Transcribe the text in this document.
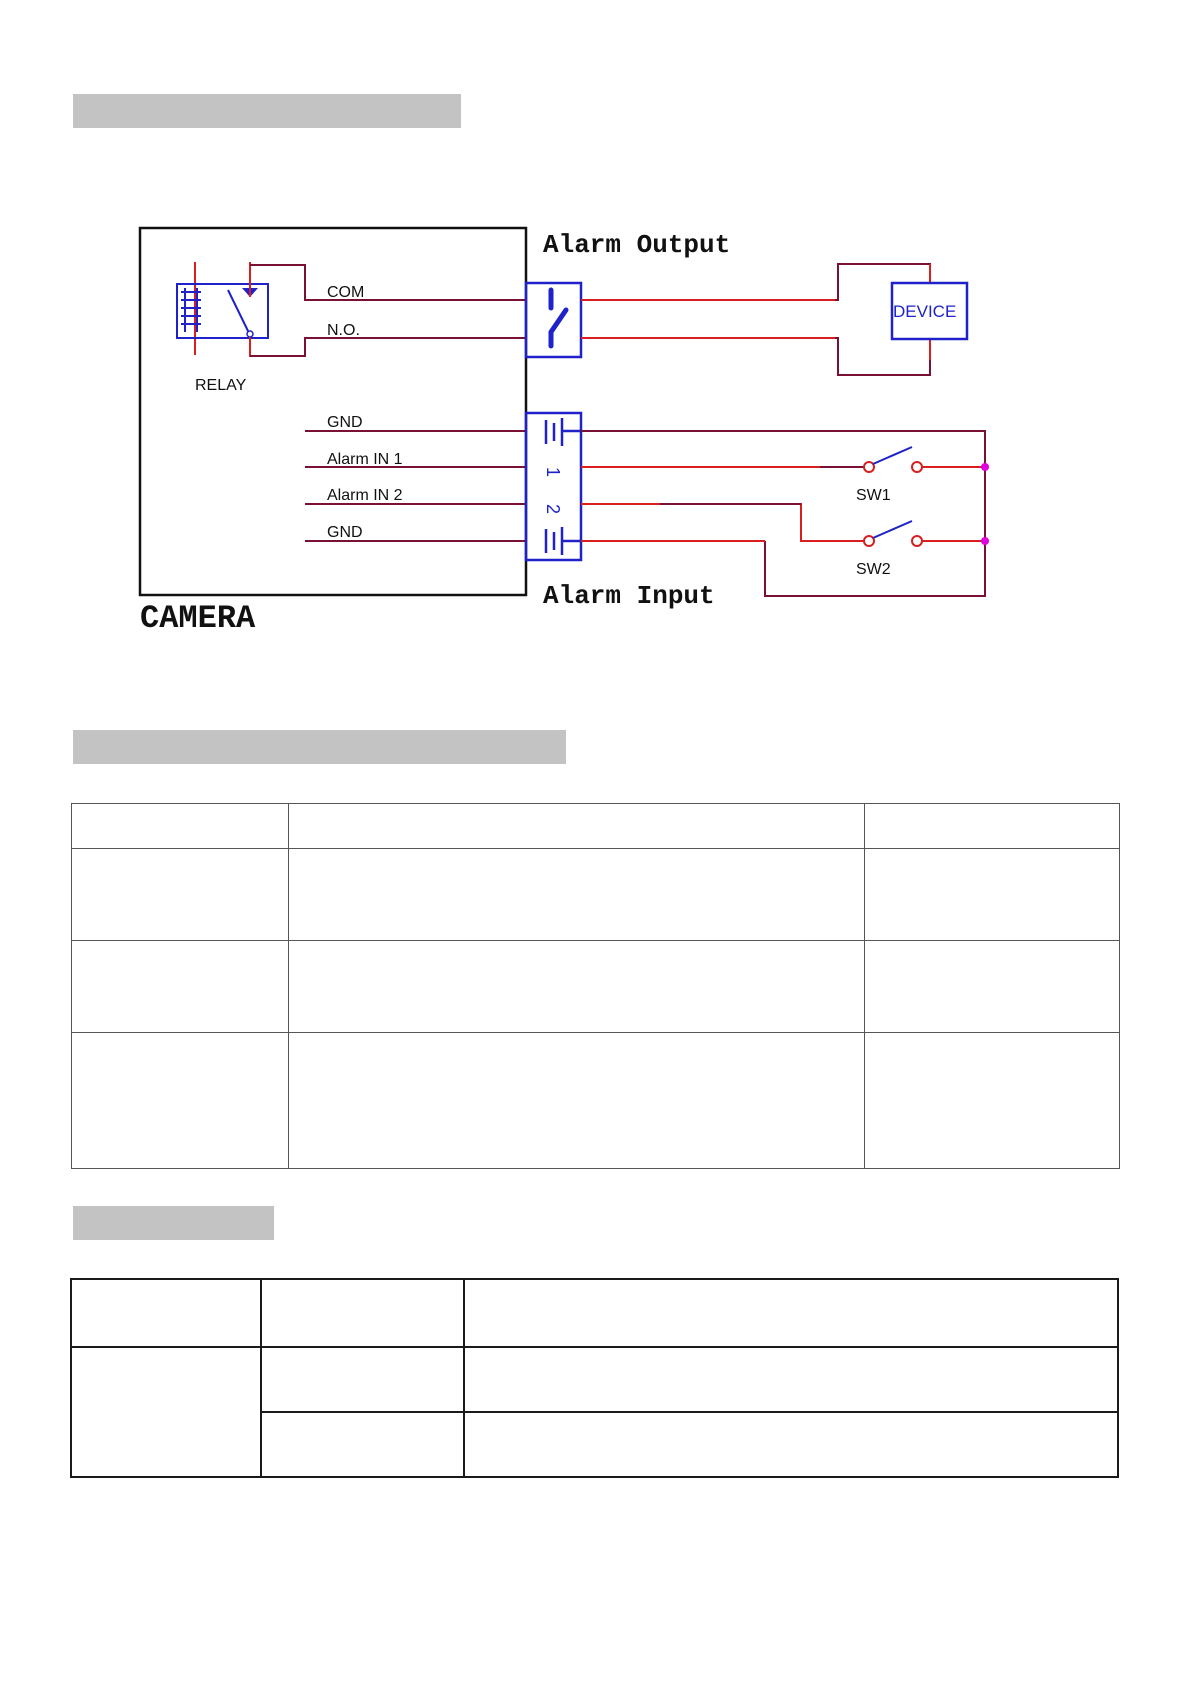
CAMERA
RELAY
COM
N.O.
Alarm Output
DEVICE
GND
Alarm IN 1
Alarm IN 2
GND
1
2
Alarm Input
SW1
SW2
